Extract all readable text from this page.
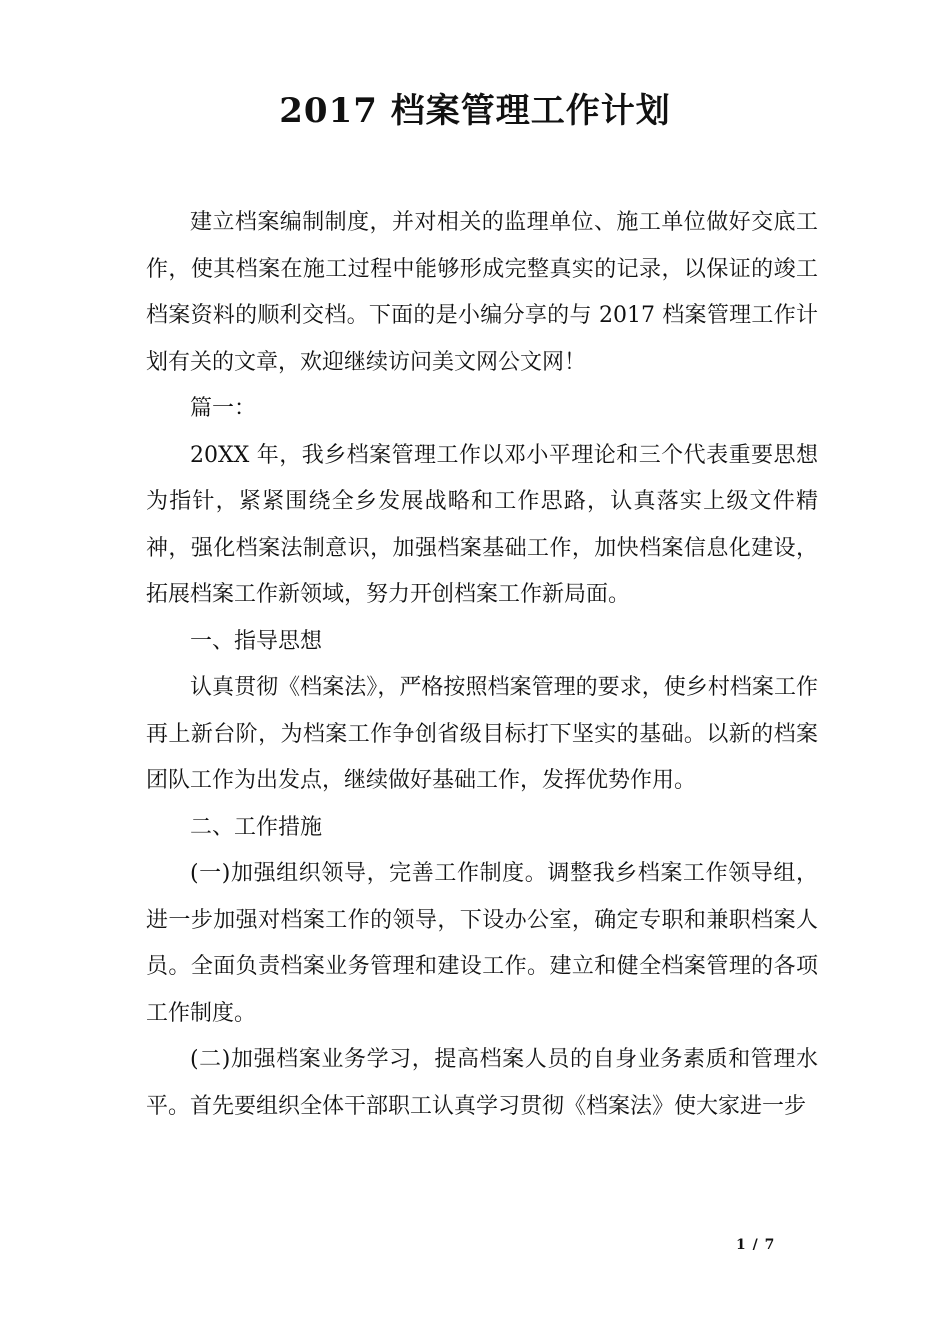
2017 档案管理工作计划

建立档案编制制度，并对相关的监理单位、施工单位做好交底工作，使其档案在施工过程中能够形成完整真实的记录，以保证的竣工档案资料的顺利交档。下面的是小编分享的与 2017 档案管理工作计划有关的文章，欢迎继续访问美文网公文网！

篇一：

20XX 年，我乡档案管理工作以邓小平理论和三个代表重要思想为指针，紧紧围绕全乡发展战略和工作思路，认真落实上级文件精神，强化档案法制意识，加强档案基础工作，加快档案信息化建设，拓展档案工作新领域，努力开创档案工作新局面。

一、指导思想

认真贯彻《档案法》，严格按照档案管理的要求，使乡村档案工作再上新台阶，为档案工作争创省级目标打下坚实的基础。以新的档案团队工作为出发点，继续做好基础工作，发挥优势作用。

二、工作措施

(一)加强组织领导，完善工作制度。调整我乡档案工作领导组，进一步加强对档案工作的领导，下设办公室，确定专职和兼职档案人员。全面负责档案业务管理和建设工作。建立和健全档案管理的各项工作制度。

(二)加强档案业务学习，提高档案人员的自身业务素质和管理水平。首先要组织全体干部职工认真学习贯彻《档案法》使大家进一步

1 / 7
